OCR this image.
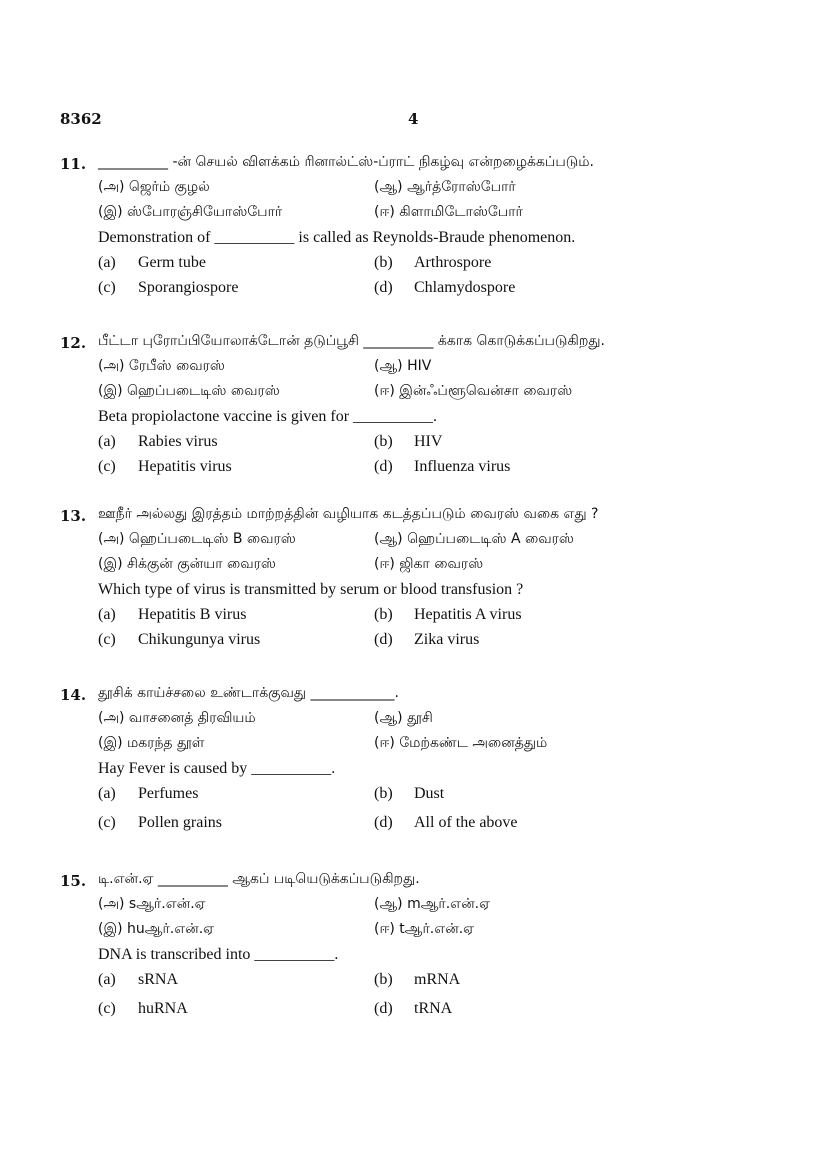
8362	4
11. __________ -ன் செயல் விளக்கம் ரினால்ட்ஸ்-ப்ராட் நிகழ்வு என்றழைக்கப்படும்.
(அ) ஜெர்ம் குழல்	(ஆ) ஆர்த்ரோஸ்போர்
(இ) ஸ்போரஞ்சியோஸ்போர்	(ஈ) கிளாமிடோஸ்போர்
Demonstration of __________ is called as Reynolds-Braude phenomenon.
(a) Germ tube	(b) Arthrospore
(c) Sporangiospore	(d) Chlamydospore
12. பீட்டா புரோப்பியோலாக்டோன் தடுப்பூசி __________ க்காக கொடுக்கப்படுகிறது.
(அ) ரேபீஸ் வைரஸ்	(ஆ) HIV
(இ) ஹெப்படைடிஸ் வைரஸ்	(ஈ) இன்ஃப்ளூவென்சா வைரஸ்
Beta propiolactone vaccine is given for __________.
(a) Rabies virus	(b) HIV
(c) Hepatitis virus	(d) Influenza virus
13. ஊநீர் அல்லது இரத்தம் மாற்றத்தின் வழியாக கடத்தப்படும் வைரஸ் வகை எது ?
(அ) ஹெப்படைடிஸ் B வைரஸ்	(ஆ) ஹெப்படைடிஸ் A வைரஸ்
(இ) சிக்குன் குன்யா வைரஸ்	(ஈ) ஜிகா வைரஸ்
Which type of virus is transmitted by serum or blood transfusion ?
(a) Hepatitis B virus	(b) Hepatitis A virus
(c) Chikungunya virus	(d) Zika virus
14. தூசிக் காய்ச்சலை உண்டாக்குவது ____________.
(அ) வாசனைத் திரவியம்	(ஆ) தூசி
(இ) மகரந்த தூள்	(ஈ) மேற்கண்ட அனைத்தும்
Hay Fever is caused by __________.
(a) Perfumes	(b) Dust
(c) Pollen grains	(d) All of the above
15. டி.என்.ஏ __________ ஆகப் படியெடுக்கப்படுகிறது.
(அ) sஆர்.என்.ஏ	(ஆ) mஆர்.என்.ஏ
(இ) huஆர்.என்.ஏ	(ஈ) tஆர்.என்.ஏ
DNA is transcribed into __________.
(a) sRNA	(b) mRNA
(c) huRNA	(d) tRNA
